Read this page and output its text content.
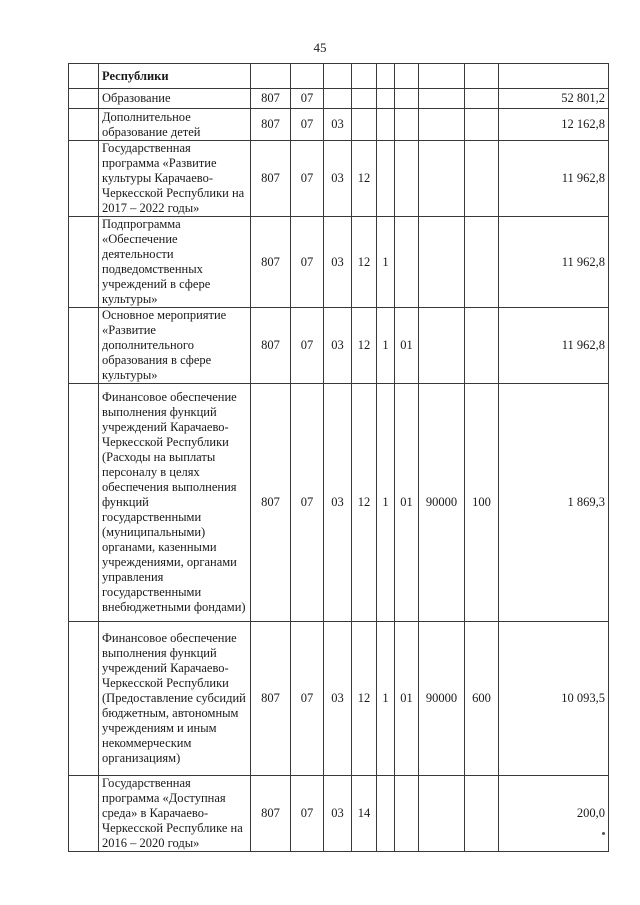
45
	Республики									
	Образование	807	07							52 801,2
	Дополнительное образование детей	807	07	03						12 162,8
	Государственная программа «Развитие культуры Карачаево-Черкесской Республики на 2017 – 2022 годы»	807	07	03	12					11 962,8
	Подпрограмма «Обеспечение деятельности подведомственных учреждений в сфере культуры»	807	07	03	12	1				11 962,8
	Основное мероприятие «Развитие дополнительного образования в сфере культуры»	807	07	03	12	1	01			11 962,8
	Финансовое обеспечение выполнения функций учреждений Карачаево-Черкесской Республики (Расходы на выплаты персоналу в целях обеспечения выполнения функций государственными (муниципальными) органами, казенными учреждениями, органами управления государственными внебюджетными фондами)	807	07	03	12	1	01	90000	100	1 869,3
	Финансовое обеспечение выполнения функций учреждений Карачаево-Черкесской Республики (Предоставление субсидий бюджетным, автономным учреждениям и иным некоммерческим организациям)	807	07	03	12	1	01	90000	600	10 093,5
	Государственная программа «Доступная среда» в Карачаево-Черкесской Республике на 2016 – 2020 годы»	807	07	03	14					200,0
